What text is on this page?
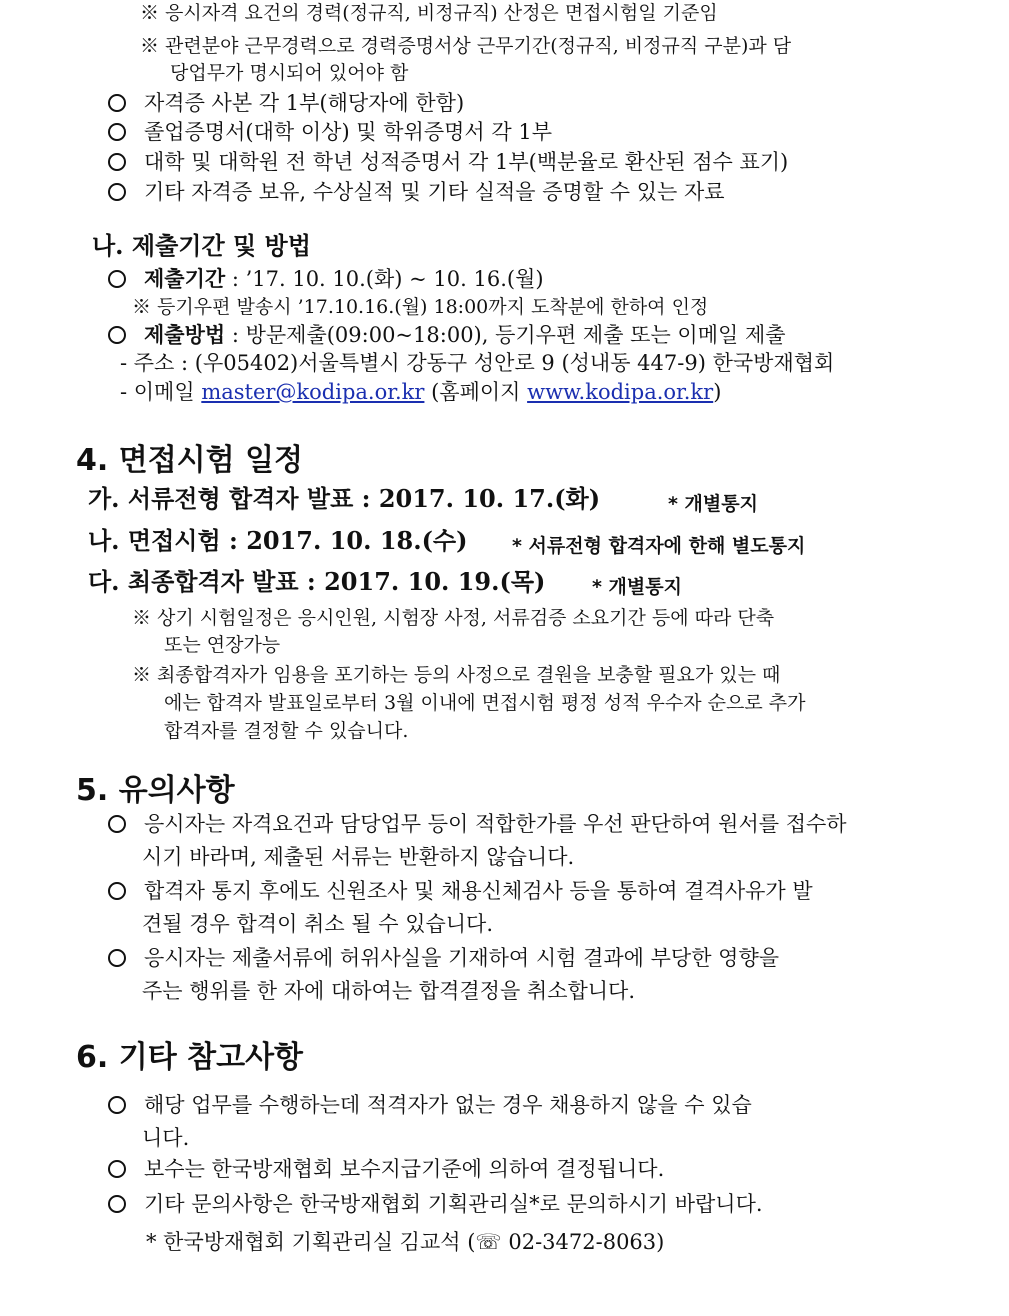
※ 응시자격 요건의 경력(정규직, 비정규직) 산정은 면접시험일 기준임
※ 관련분야 근무경력으로 경력증명서상 근무기간(정규직, 비정규직 구분)과 담
당업무가 명시되어 있어야 함
자격증 사본 각 1부(해당자에 한함)
졸업증명서(대학 이상) 및 학위증명서 각 1부
대학 및 대학원 전 학년 성적증명서 각 1부(백분율로 환산된 점수 표기)
기타 자격증 보유, 수상실적 및 기타 실적을 증명할 수 있는 자료
나. 제출기간 및 방법
제출기간 : ’17. 10. 10.(화) ~ 10. 16.(월)
※ 등기우편 발송시 ’17.10.16.(월) 18:00까지 도착분에 한하여 인정
제출방법 : 방문제출(09:00~18:00), 등기우편 제출 또는 이메일 제출
- 주소 : (우05402)서울특별시 강동구 성안로 9 (성내동 447-9) 한국방재협회
- 이메일 master@kodipa.or.kr (홈페이지 www.kodipa.or.kr)
4. 면접시험 일정
가. 서류전형 합격자 발표 : 2017. 10. 17.(화)	* 개별통지
나. 면접시험 : 2017. 10. 18.(수)	* 서류전형 합격자에 한해 별도통지
다. 최종합격자 발표 : 2017. 10. 19.(목)	* 개별통지
※ 상기 시험일정은 응시인원, 시험장 사정, 서류검증 소요기간 등에 따라 단축
또는 연장가능
※ 최종합격자가 임용을 포기하는 등의 사정으로 결원을 보충할 필요가 있는 때
에는 합격자 발표일로부터 3월 이내에 면접시험 평정 성적 우수자 순으로 추가
합격자를 결정할 수 있습니다.
5. 유의사항
응시자는 자격요건과 담당업무 등이 적합한가를 우선 판단하여 원서를 접수하
시기 바라며, 제출된 서류는 반환하지 않습니다.
합격자 통지 후에도 신원조사 및 채용신체검사 등을 통하여 결격사유가 발
견될 경우 합격이 취소 될 수 있습니다.
응시자는 제출서류에 허위사실을 기재하여 시험 결과에 부당한 영향을
주는 행위를 한 자에 대하여는 합격결정을 취소합니다.
6. 기타 참고사항
해당 업무를 수행하는데 적격자가 없는 경우 채용하지 않을 수 있습
니다.
보수는 한국방재협회 보수지급기준에 의하여 결정됩니다.
기타 문의사항은 한국방재협회 기획관리실*로 문의하시기 바랍니다.
* 한국방재협회 기획관리실 김교석 (☏ 02-3472-8063)
